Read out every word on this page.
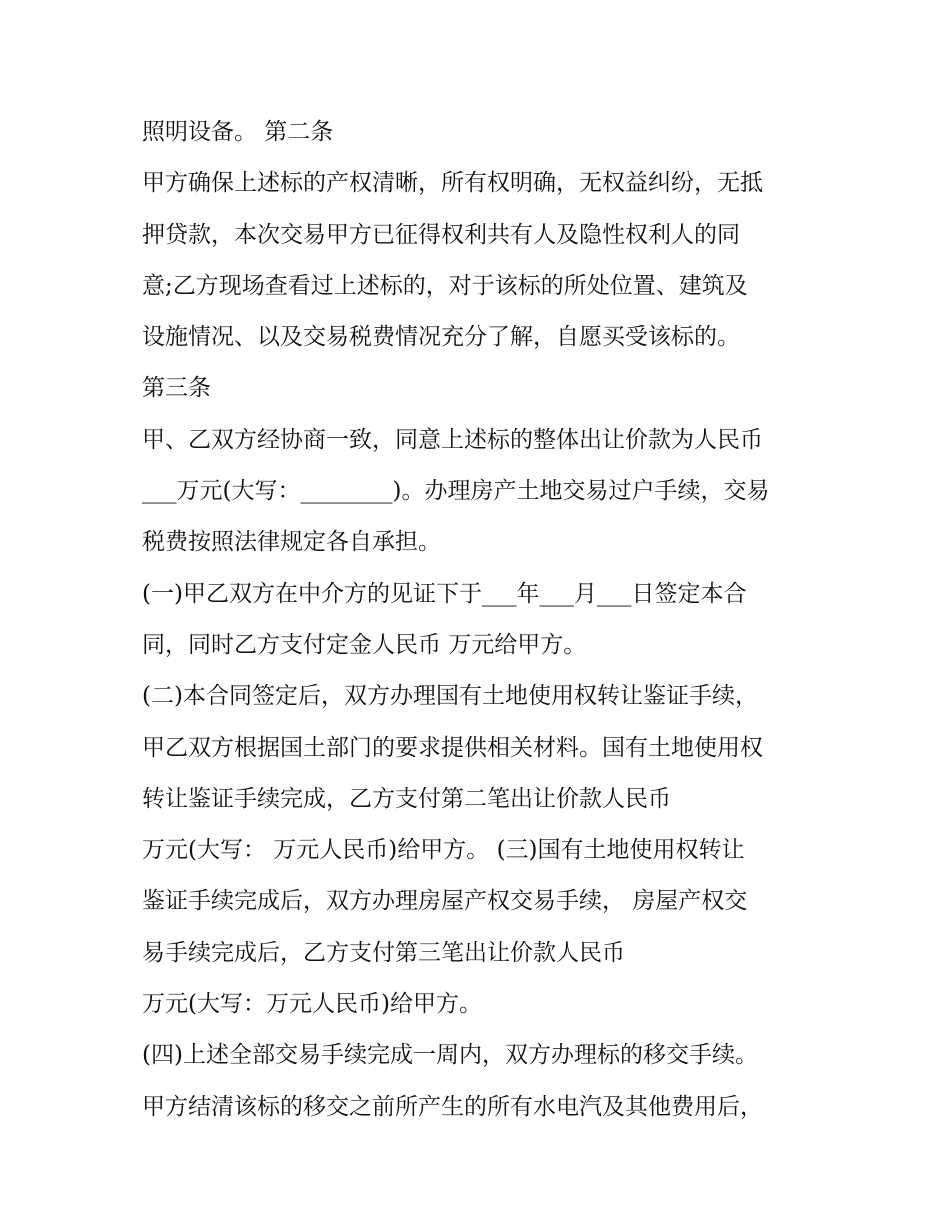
照明设备。 第二条
甲方确保上述标的产权清晰，所有权明确，无权益纠纷，无抵
押贷款，本次交易甲方已征得权利共有人及隐性权利人的同
意;乙方现场查看过上述标的，对于该标的所处位置、建筑及
设施情况、以及交易税费情况充分了解，自愿买受该标的。
第三条
甲、乙双方经协商一致，同意上述标的整体出让价款为人民币
___万元(大写：________)。办理房产土地交易过户手续，交易
税费按照法律规定各自承担。
(一)甲乙双方在中介方的见证下于___年___月___日签定本合
同，同时乙方支付定金人民币 万元给甲方。
(二)本合同签定后，双方办理国有土地使用权转让鉴证手续，
甲乙双方根据国土部门的要求提供相关材料。国有土地使用权
转让鉴证手续完成，乙方支付第二笔出让价款人民币
万元(大写： 万元人民币)给甲方。 (三)国有土地使用权转让
鉴证手续完成后，双方办理房屋产权交易手续， 房屋产权交
易手续完成后，乙方支付第三笔出让价款人民币
万元(大写：万元人民币)给甲方。
(四)上述全部交易手续完成一周内，双方办理标的移交手续。
甲方结清该标的移交之前所产生的所有水电汽及其他费用后，
